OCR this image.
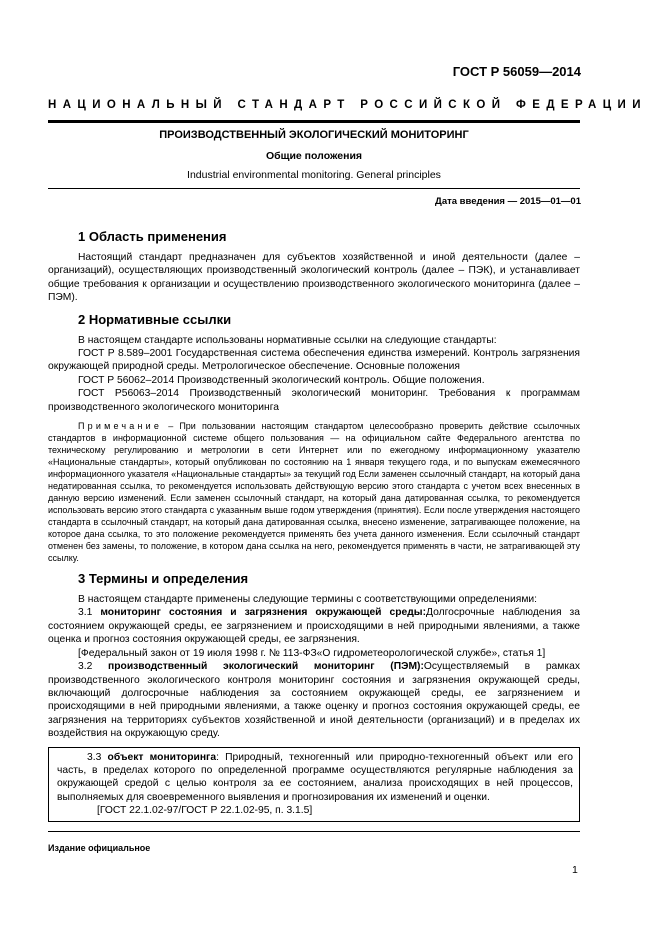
ГОСТ Р 56059—2014
НАЦИОНАЛЬНЫЙ СТАНДАРТ РОССИЙСКОЙ ФЕДЕРАЦИИ
ПРОИЗВОДСТВЕННЫЙ ЭКОЛОГИЧЕСКИЙ МОНИТОРИНГ
Общие положения
Industrial environmental monitoring. General principles
Дата введения — 2015—01—01
1 Область применения

Настоящий стандарт предназначен для субъектов хозяйственной и иной деятельности (далее – организаций), осуществляющих производственный экологический контроль (далее – ПЭК), и устанавливает общие требования к организации и осуществлению производственного экологического мониторинга (далее – ПЭМ).

2 Нормативные ссылки

В настоящем стандарте использованы нормативные ссылки на следующие стандарты:

ГОСТ Р 8.589–2001 Государственная система обеспечения единства измерений. Контроль загрязнения окружающей природной среды. Метрологическое обеспечение. Основные положения

ГОСТ Р 56062–2014 Производственный экологический контроль. Общие положения.

ГОСТ Р56063–2014 Производственный экологический мониторинг. Требования к программам производственного экологического мониторинга

Примечание – При пользовании настоящим стандартом целесообразно проверить действие ссылочных стандартов в информационной системе общего пользования — на официальном сайте Федерального агентства по техническому регулированию и метрологии в сети Интернет или по ежегодному информационному указателю «Национальные стандарты», который опубликован по состоянию на 1 января текущего года, и по выпускам ежемесячного информационного указателя «Национальные стандарты» за текущий год Если заменен ссылочный стандарт, на который дана недатированная ссылка, то рекомендуется использовать действующую версию этого стандарта с учетом всех внесенных в данную версию изменений. Если заменен ссылочный стандарт, на который дана датированная ссылка, то рекомендуется использовать версию этого стандарта с указанным выше годом утверждения (принятия). Если после утверждения настоящего стандарта в ссылочный стандарт, на который дана датированная ссылка, внесено изменение, затрагивающее положение, на которое дана ссылка, то это положение рекомендуется применять без учета данного изменения. Если ссылочный стандарт отменен без замены, то положение, в котором дана ссылка на него, рекомендуется применять в части, не затрагивающей эту ссылку.
3 Термины и определения

В настоящем стандарте применены следующие термины с соответствующими определениями:

3.1 мониторинг состояния и загрязнения окружающей среды:Долгосрочные наблюдения за состоянием окружающей среды, ее загрязнением и происходящими в ней природными явлениями, а также оценка и прогноз состояния окружающей среды, ее загрязнения.

[Федеральный закон от 19 июля 1998 г. № 113-ФЗ«О гидрометеорологической службе», статья 1]

3.2 производственный экологический мониторинг (ПЭМ):Осуществляемый в рамках производственного экологического контроля мониторинг состояния и загрязнения окружающей среды, включающий долгосрочные наблюдения за состоянием окружающей среды, ее загрязнением и происходящими в ней природными явлениями, а также оценку и прогноз состояния окружающей среды, ее загрязнения на территориях субъектов хозяйственной и иной деятельности (организаций) и в пределах их воздействия на окружающую среду.

3.3 объект мониторинга: Природный, техногенный или природно-техногенный объект или его часть, в пределах которого по определенной программе осуществляются регулярные наблюдения за окружающей средой с целью контроля за ее состоянием, анализа происходящих в ней процессов, выполняемых для своевременного выявления и прогнозирования их изменений и оценки.

[ГОСТ 22.1.02-97/ГОСТ Р 22.1.02-95, п. 3.1.5]

Издание официальное
1
